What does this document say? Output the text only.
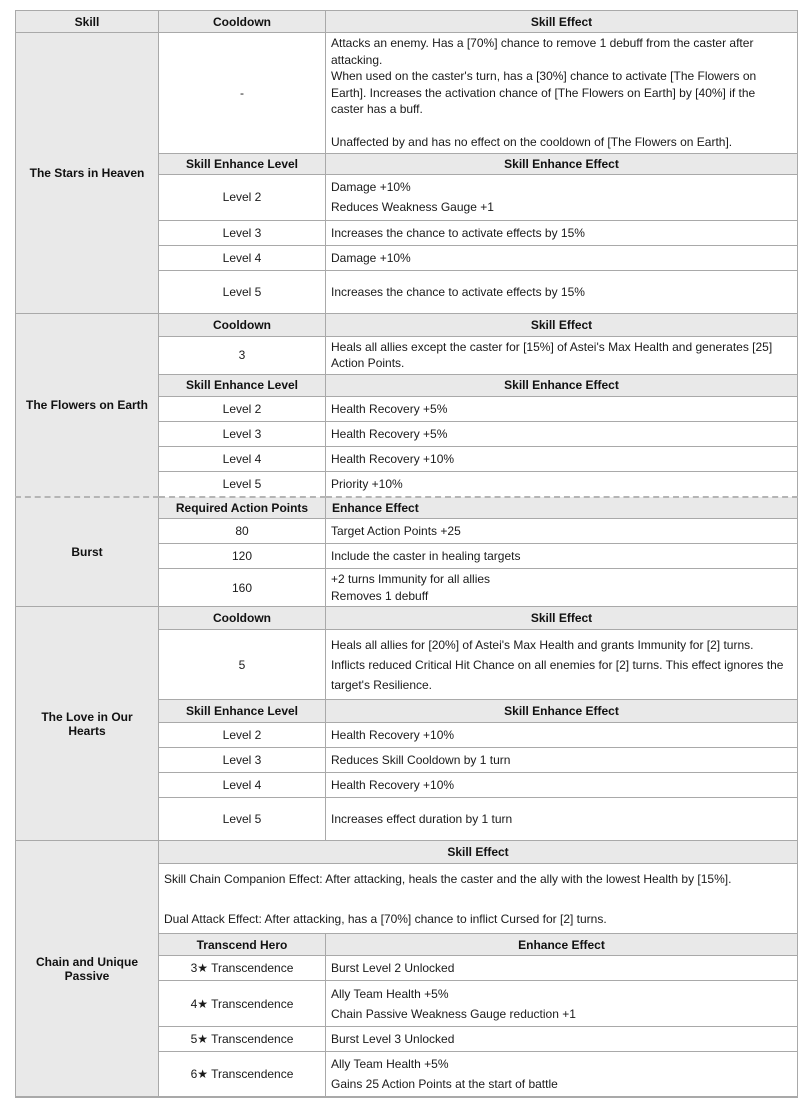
Skill	Cooldown	Skill Effect
The Stars in Heaven	-	Attacks an enemy. Has a [70%] chance to remove 1 debuff from the caster after attacking.
When used on the caster's turn, has a [30%] chance to activate [The Flowers on Earth]. Increases the activation chance of [The Flowers on Earth] by [40%] if the caster has a buff.
Unaffected by and has no effect on the cooldown of [The Flowers on Earth].

	Skill Enhance Level	Skill Enhance Effect
	Level 2	Damage +10%
Reduces Weakness Gauge +1

	Level 3	Increases the chance to activate effects by 15%

	Level 4	Damage +10%

	Level 5	Increases the chance to activate effects by 15%

The Flowers on Earth	Cooldown	Skill Effect
	3	Heals all allies except the caster for [15%] of Astei's Max Health and generates [25] Action Points.

	Skill Enhance Level	Skill Enhance Effect
	Level 2	Health Recovery +5%

	Level 3	Health Recovery +5%

	Level 4	Health Recovery +10%

	Level 5	Priority +10%

Burst	Required Action Points	Enhance Effect
	80	Target Action Points +25

	120	Include the caster in healing targets

	160	+2 turns Immunity for all allies
Removes 1 debuff

The Love in Our Hearts	Cooldown	Skill Effect
	5	Heals all allies for [20%] of Astei's Max Health and grants Immunity for [2] turns.
Inflicts reduced Critical Hit Chance on all enemies for [2] turns. This effect ignores the target's Resilience.

	Skill Enhance Level	Skill Enhance Effect
	Level 2	Health Recovery +10%

	Level 3	Reduces Skill Cooldown by 1 turn

	Level 4	Health Recovery +10%

	Level 5	Increases effect duration by 1 turn

Chain and Unique Passive	Skill Effect	

	Skill Chain Companion Effect: After attacking, heals the caster and the ally with the lowest Health by [15%].
Dual Attack Effect: After attacking, has a [70%] chance to inflict Cursed for [2] turns.	

	Transcend Hero	Enhance Effect
	3★ Transcendence	Burst Level 2 Unlocked

	4★ Transcendence	Ally Team Health +5%
Chain Passive Weakness Gauge reduction +1

	5★ Transcendence	Burst Level 3 Unlocked

	6★ Transcendence	Ally Team Health +5%
Gains 25 Action Points at the start of battle
